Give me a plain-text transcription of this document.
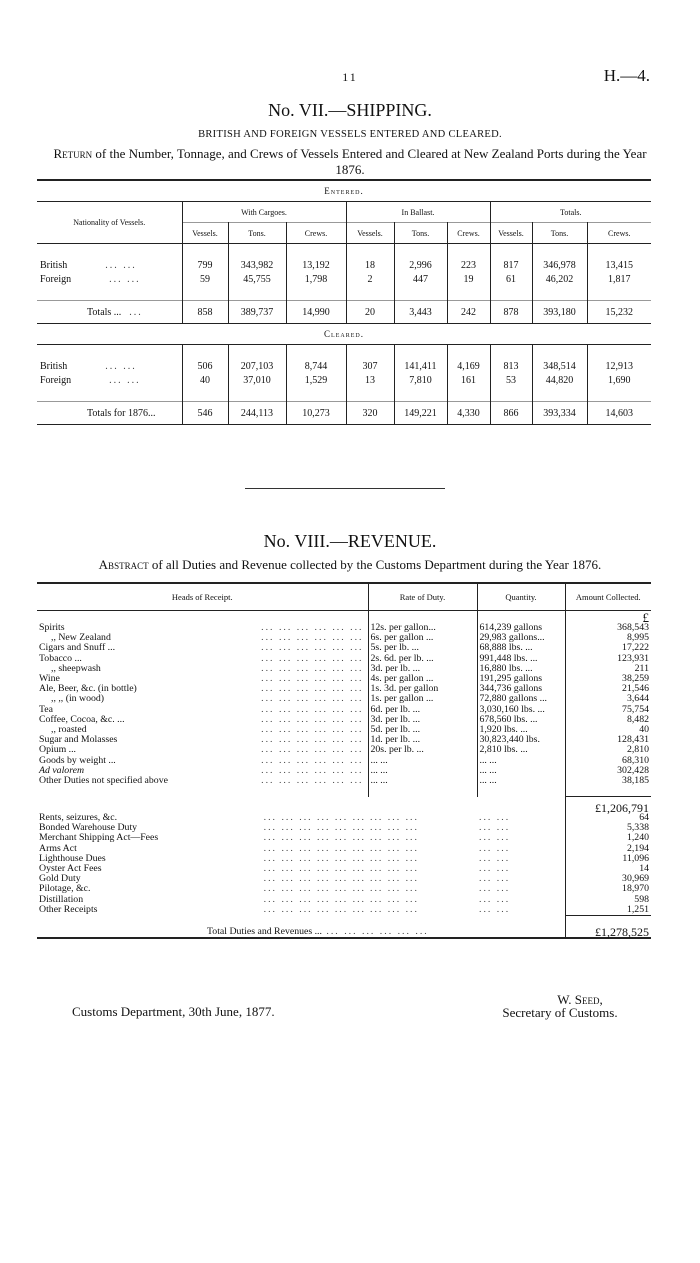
11	H.—4.
No. VII.—SHIPPING.
BRITISH AND FOREIGN VESSELS ENTERED AND CLEARED.
Return of the Number, Tonnage, and Crews of Vessels Entered and Cleared at New Zealand Ports during the Year 1876.
Entered.									
Nationality of Vessels.	With Cargoes.			In Ballast.			Totals.		
	Vessels.	Tons.	Crews.	Vessels.	Tons.	Crews.	Vessels.	Tons.	Crews.

British ... ...	799	343,982	13,192	18	2,996	223	817	346,978	13,415
Foreign ... ...	59	45,755	1,798	2	447	19	61	46,202	1,817

Totals ... ...	858	389,737	14,990	20	3,443	242	878	393,180	15,232
Cleared.									

British ... ...	506	207,103	8,744	307	141,411	4,169	813	348,514	12,913
Foreign ... ...	40	37,010	1,529	13	7,810	161	53	44,820	1,690

Totals for 1876...	546	244,113	10,273	320	149,221	4,330	866	393,334	14,603
No. VIII.—REVENUE.
Abstract of all Duties and Revenue collected by the Customs Department during the Year 1876.
Heads of Receipt.	Rate of Duty.	Quantity.	Amount Collected.
			£
Spirits ... ... ... ... ... ...	12s. per gallon...	614,239 gallons	368,543
,, New Zealand ... ... ... ... ... ...	6s. per gallon ...	29,983 gallons...	8,995
Cigars and Snuff ... ... ... ... ... ... ...	5s. per lb. ...	68,888 lbs. ...	17,222
Tobacco ... ... ... ... ... ... ...	2s. 6d. per lb. ...	991,448 lbs. ...	123,931
,, sheepwash ... ... ... ... ... ...	3d. per lb. ...	16,880 lbs. ...	211
Wine ... ... ... ... ... ...	4s. per gallon ...	191,295 gallons	38,259
Ale, Beer, &c. (in bottle) ... ... ... ... ... ...	1s. 3d. per gallon	344,736 gallons	21,546
,, ,, (in wood) ... ... ... ... ... ...	1s. per gallon ...	72,880 gallons ...	3,644
Tea ... ... ... ... ... ...	6d. per lb. ...	3,030,160 lbs. ...	75,754
Coffee, Cocoa, &c. ... ... ... ... ... ... ...	3d. per lb. ...	678,560 lbs. ...	8,482
,, roasted ... ... ... ... ... ...	5d. per lb. ...	1,920 lbs. ...	40
Sugar and Molasses ... ... ... ... ... ...	1d. per lb. ...	30,823,440 lbs.	128,431
Opium ... ... ... ... ... ... ...	20s. per lb. ...	2,810 lbs. ...	2,810
Goods by weight ... ... ... ... ... ... ...	... ...	... ...	68,310
Ad valorem ... ... ... ... ... ...	... ...	... ...	302,428
Other Duties not specified above ... ... ... ... ... ...	... ...	... ...	38,185

			£1,206,791
Rents, seizures, &c. ... ... ... ... ... ...	... ... ...	... ...	64
Bonded Warehouse Duty ... ... ... ... ... ...	... ... ...	... ...	5,338
Merchant Shipping Act—Fees ... ... ... ... ... ...	... ... ...	... ...	1,240
Arms Act ... ... ... ... ... ...	... ... ...	... ...	2,194
Lighthouse Dues ... ... ... ... ... ...	... ... ...	... ...	11,096
Oyster Act Fees ... ... ... ... ... ...	... ... ...	... ...	14
Gold Duty ... ... ... ... ... ...	... ... ...	... ...	30,969
Pilotage, &c. ... ... ... ... ... ...	... ... ...	... ...	18,970
Distillation ... ... ... ... ... ...	... ... ...	... ...	598
Other Receipts ... ... ... ... ... ...	... ... ...	... ...	1,251
Total Duties and Revenues ... ... ... ... ... ... ...			£1,278,525
Customs Department, 30th June, 1877.
W. Seed,
Secretary of Customs.
